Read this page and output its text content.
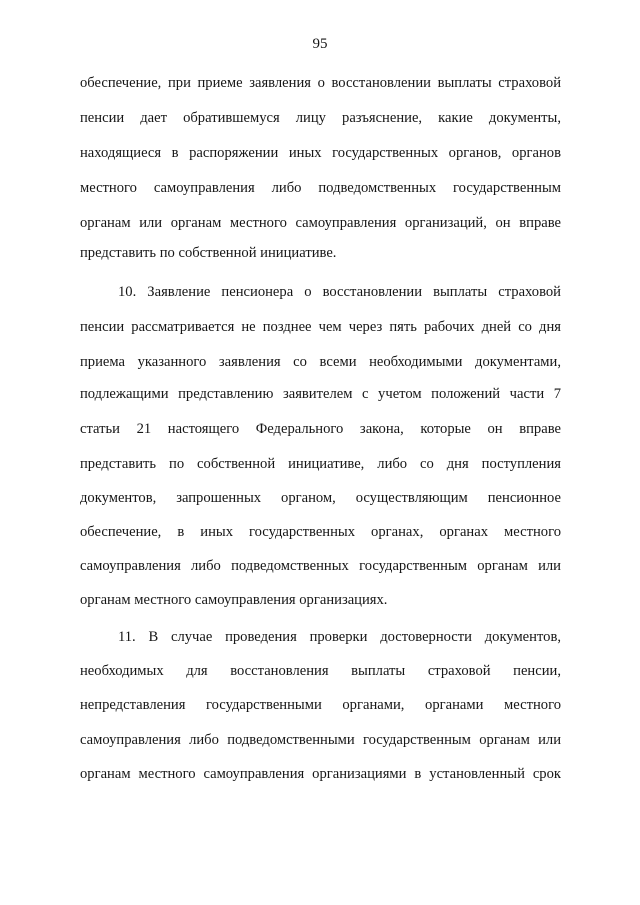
95
обеспечение, при приеме заявления о восстановлении выплаты страховой
пенсии дает обратившемуся лицу разъяснение, какие документы,
находящиеся в распоряжении иных государственных органов, органов
местного самоуправления либо подведомственных государственным
органам или органам местного самоуправления организаций, он вправе
представить по собственной инициативе.
10. Заявление пенсионера о восстановлении выплаты страховой
пенсии рассматривается не позднее чем через пять рабочих дней со дня
приема указанного заявления со всеми необходимыми документами,
подлежащими представлению заявителем с учетом положений части 7
статьи 21 настоящего Федерального закона, которые он вправе
представить по собственной инициативе, либо со дня поступления
документов, запрошенных органом, осуществляющим пенсионное
обеспечение, в иных государственных органах, органах местного
самоуправления либо подведомственных государственным органам или
органам местного самоуправления организациях.
11. В случае проведения проверки достоверности документов,
необходимых для восстановления выплаты страховой пенсии,
непредставления государственными органами, органами местного
самоуправления либо подведомственными государственным органам или
органам местного самоуправления организациями в установленный срок
